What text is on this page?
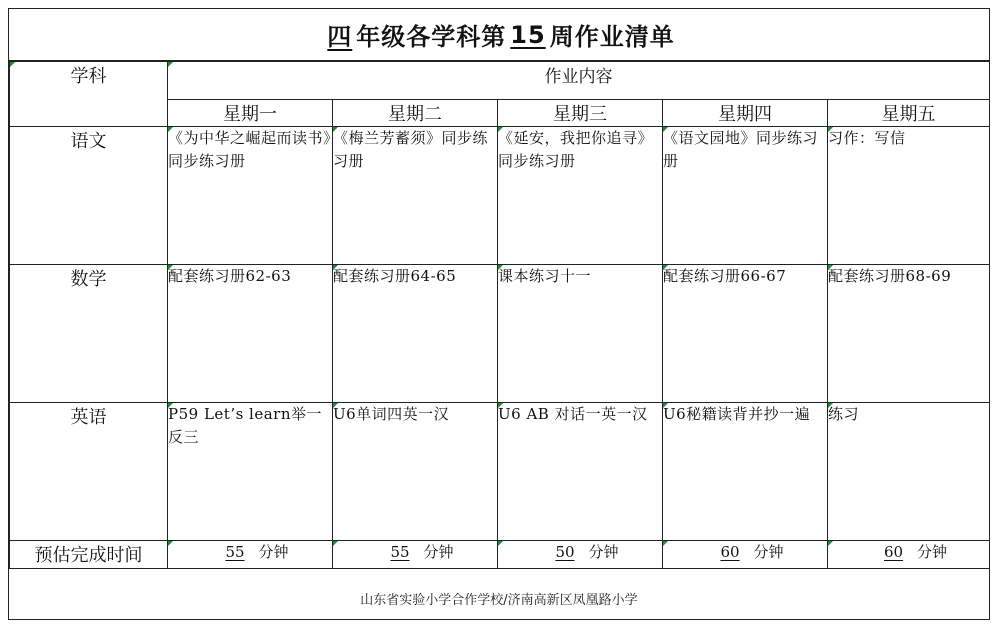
四 年级各学科第 15 周作业清单
学科	作业内容				
	星期一	星期二	星期三	星期四	星期五
语文	《为中华之崛起而读书》同步练习册	《梅兰芳蓄须》同步练习册	《延安，我把你追寻》同步练习册	《语文园地》同步练习册	习作：写信
数学	配套练习册62-63	配套练习册64-65	课本练习十一	配套练习册66-67	配套练习册68-69
英语	P59 Let’s learn举一反三	U6单词四英一汉	U6 AB 对话一英一汉	U6秘籍读背并抄一遍	练习
预估完成时间	55 分钟	55 分钟	50 分钟	60 分钟	60 分钟
山东省实验小学合作学校/济南高新区凤凰路小学
